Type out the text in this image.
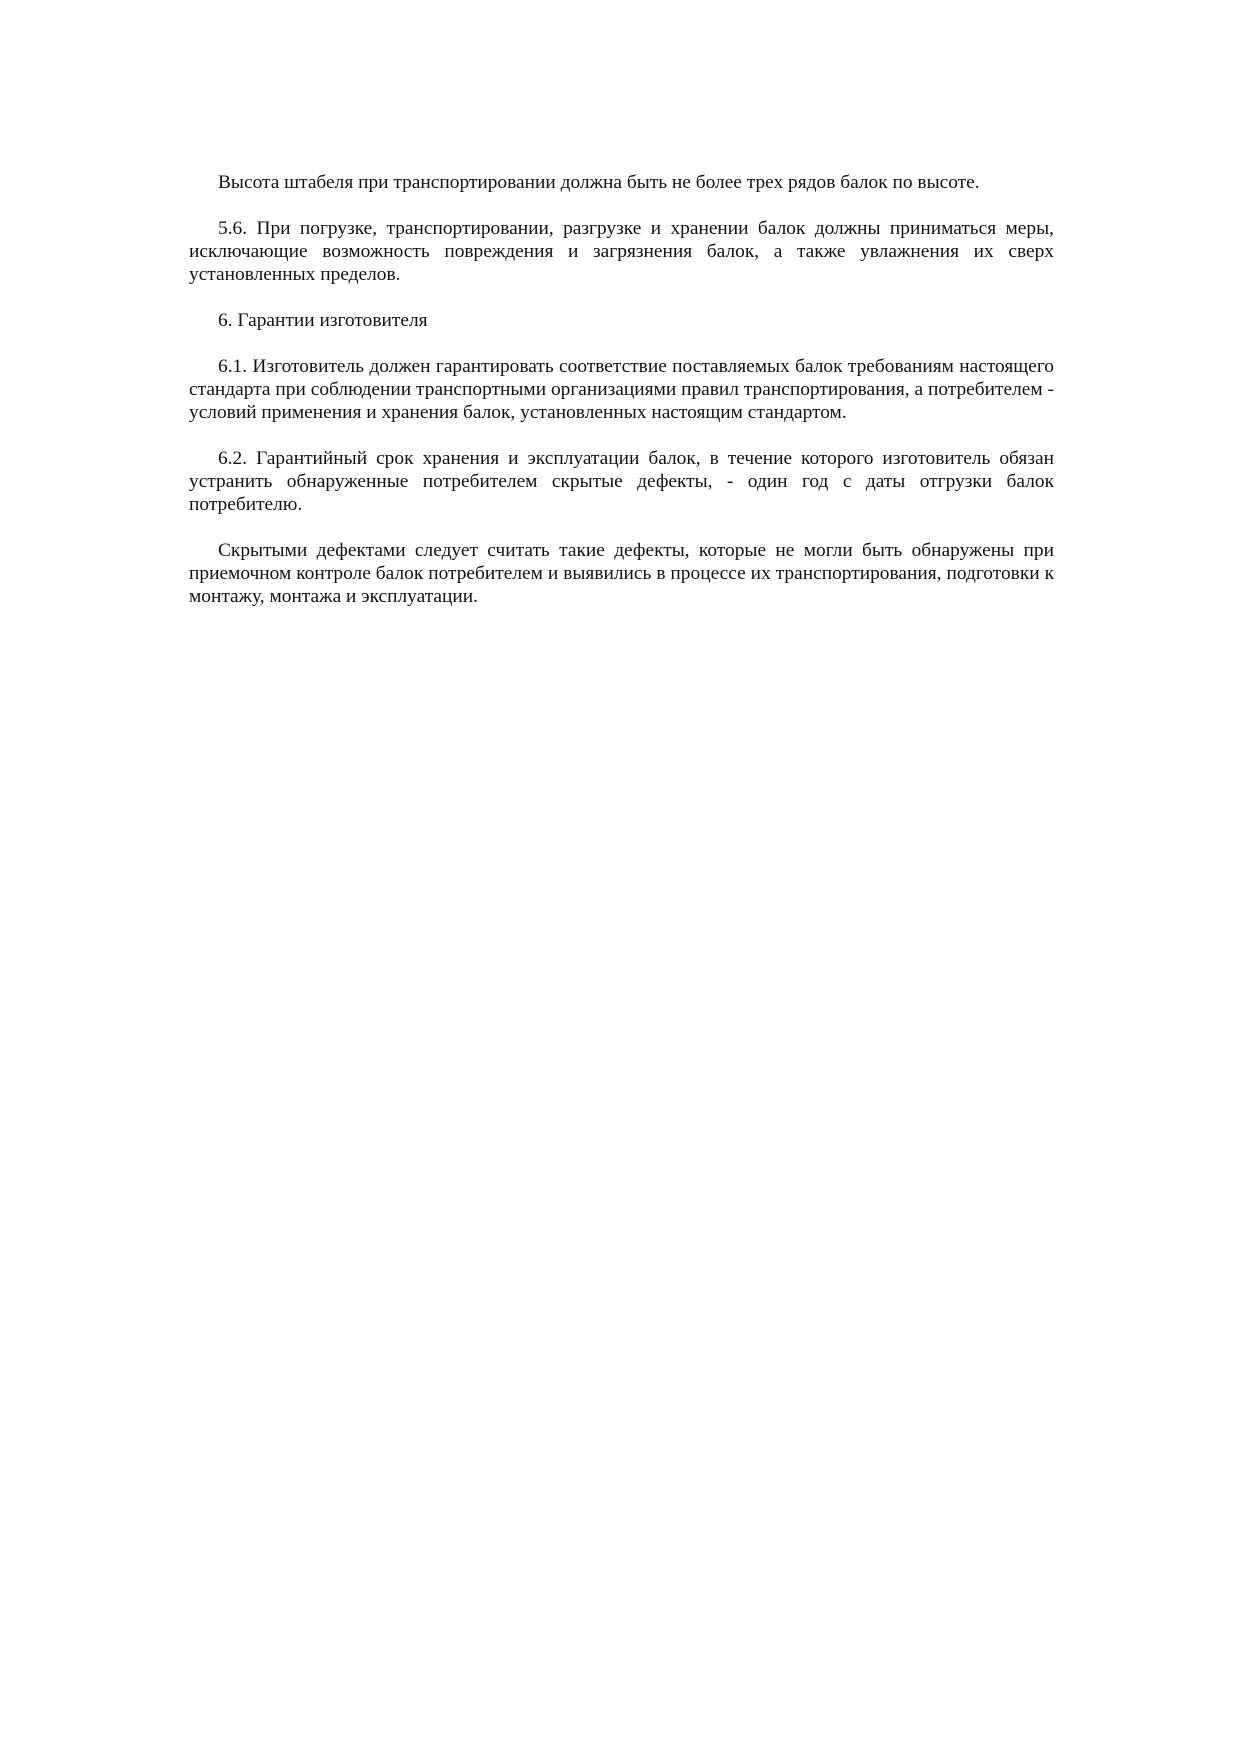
Высота штабеля при транспортировании должна быть не более трех рядов балок по высоте.

5.6. При погрузке, транспортировании, разгрузке и хранении балок должны приниматься меры, исключающие возможность повреждения и загрязнения балок, а также увлажнения их сверх установленных пределов.

6. Гарантии изготовителя

6.1. Изготовитель должен гарантировать соответствие поставляемых балок требованиям настоящего стандарта при соблюдении транспортными организациями правил транспортирования, а потребителем - условий применения и хранения балок, установленных настоящим стандартом.

6.2. Гарантийный срок хранения и эксплуатации балок, в течение которого изготовитель обязан устранить обнаруженные потребителем скрытые дефекты, - один год с даты отгрузки балок потребителю.

Скрытыми дефектами следует считать такие дефекты, которые не могли быть обнаружены при приемочном контроле балок потребителем и выявились в процессе их транспортирования, подготовки к монтажу, монтажа и эксплуатации.
